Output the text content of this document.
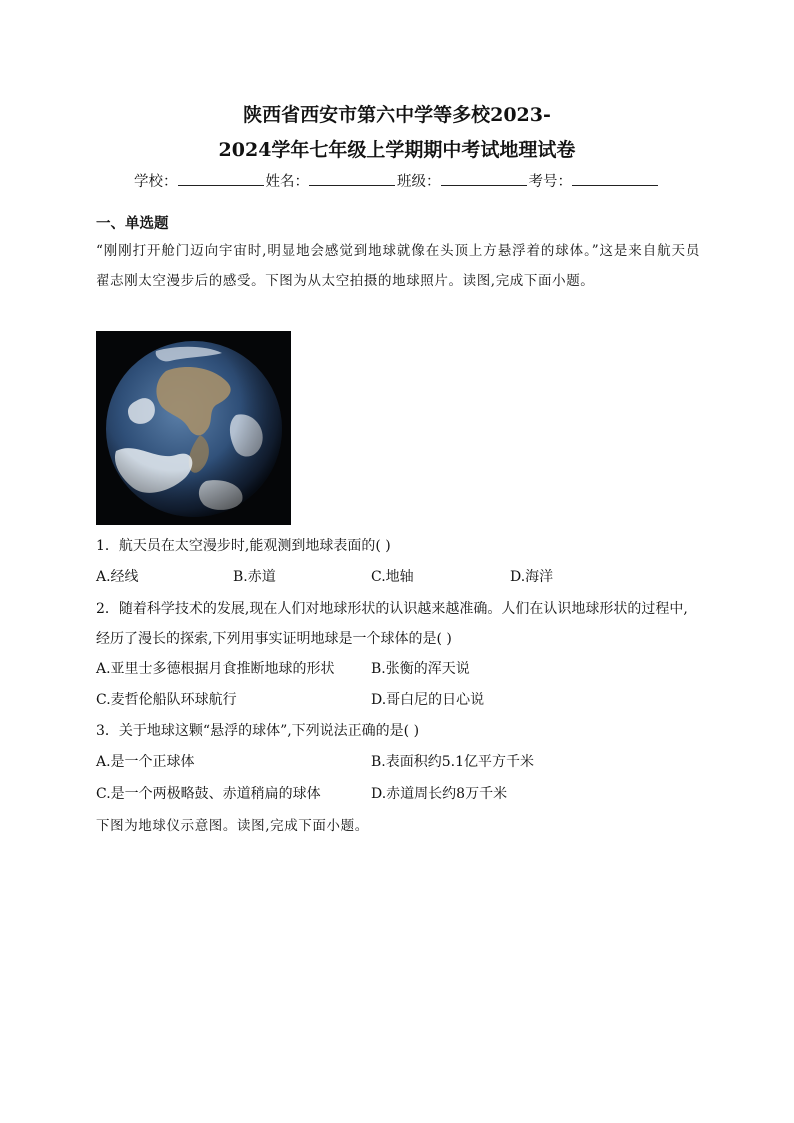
陕西省西安市第六中学等多校2023-
2024学年七年级上学期期中考试地理试卷
学校：	姓名：	班级：	考号：
一、单选题
“刚刚打开舱门迈向宇宙时,明显地会感觉到地球就像在头顶上方悬浮着的球体。”这是来自航天员翟志刚太空漫步后的感受。下图为从太空拍摄的地球照片。读图,完成下面小题。
1．航天员在太空漫步时,能观测到地球表面的( )
A.经线	B.赤道	C.地轴	D.海洋
2．随着科学技术的发展,现在人们对地球形状的认识越来越准确。人们在认识地球形状的过程中,经历了漫长的探索,下列用事实证明地球是一个球体的是( )
A.亚里士多德根据月食推断地球的形状	B.张衡的浑天说
C.麦哲伦船队环球航行	D.哥白尼的日心说
3．关于地球这颗“悬浮的球体”,下列说法正确的是( )
A.是一个正球体	B.表面积约5.1亿平方千米
C.是一个两极略鼓、赤道稍扁的球体	D.赤道周长约8万千米
下图为地球仪示意图。读图,完成下面小题。
